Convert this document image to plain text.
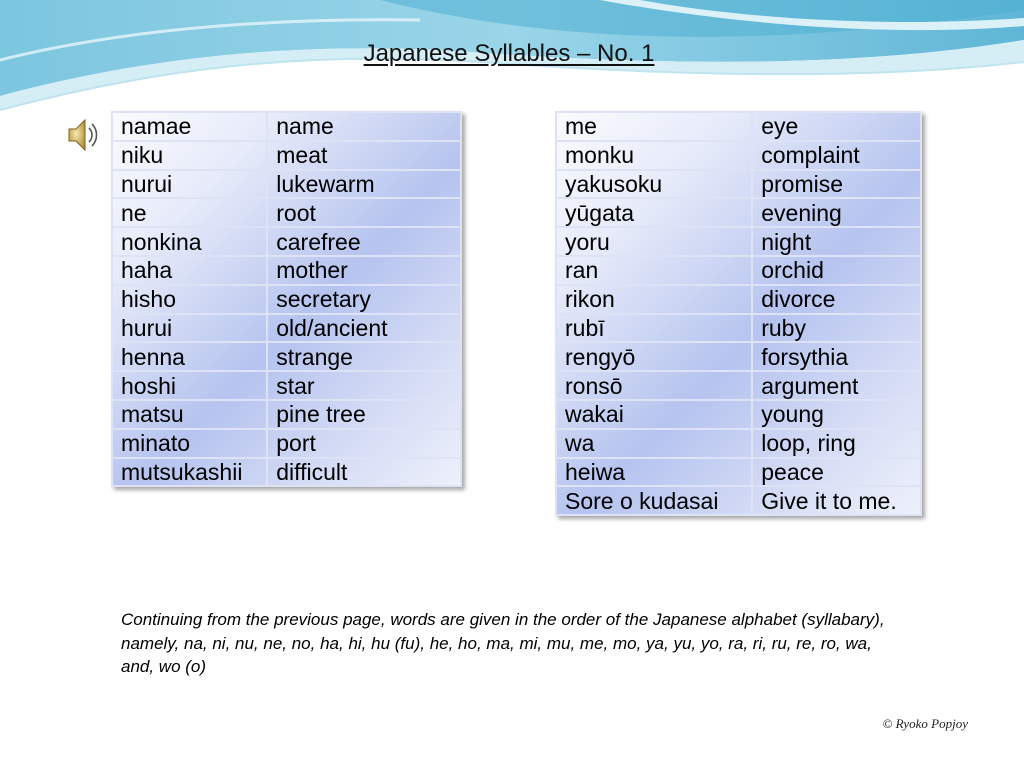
Japanese Syllables – No. 1
namae	name
niku	meat
nurui	lukewarm
ne	root
nonkina	carefree
haha	mother
hisho	secretary
hurui	old/ancient
henna	strange
hoshi	star
matsu	pine tree
minato	port
mutsukashii	difficult
me	eye
monku	complaint
yakusoku	promise
yūgata	evening
yoru	night
ran	orchid
rikon	divorce
rubī	ruby
rengyō	forsythia
ronsō	argument
wakai	young
wa	loop, ring
heiwa	peace
Sore o kudasai	Give it to me.
Continuing from the previous page, words are given in the order of the Japanese alphabet (syllabary), namely, na, ni, nu, ne, no, ha, hi, hu (fu), he, ho, ma, mi, mu, me, mo, ya, yu, yo, ra, ri, ru, re, ro, wa, and, wo (o)
© Ryoko Popjoy
